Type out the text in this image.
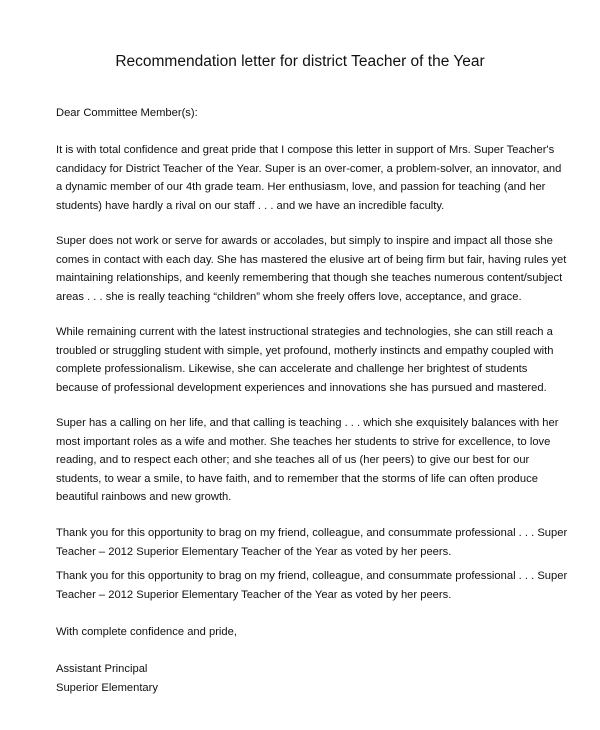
Recommendation letter for district Teacher of the Year
Dear Committee Member(s):
It is with total confidence and great pride that I compose this letter in support of Mrs. Super Teacher's
candidacy for District Teacher of the Year. Super is an over-comer, a problem-solver, an innovator, and
a dynamic member of our 4th grade team. Her enthusiasm, love, and passion for teaching (and her
students) have hardly a rival on our staff . . . and we have an incredible faculty.
Super does not work or serve for awards or accolades, but simply to inspire and impact all those she
comes in contact with each day. She has mastered the elusive art of being firm but fair, having rules yet
maintaining relationships, and keenly remembering that though she teaches numerous content/subject
areas . . . she is really teaching “children” whom she freely offers love, acceptance, and grace.
While remaining current with the latest instructional strategies and technologies, she can still reach a
troubled or struggling student with simple, yet profound, motherly instincts and empathy coupled with
complete professionalism. Likewise, she can accelerate and challenge her brightest of students
because of professional development experiences and innovations she has pursued and mastered.
Super has a calling on her life, and that calling is teaching . . . which she exquisitely balances with her
most important roles as a wife and mother. She teaches her students to strive for excellence, to love
reading, and to respect each other; and she teaches all of us (her peers) to give our best for our
students, to wear a smile, to have faith, and to remember that the storms of life can often produce
beautiful rainbows and new growth.
Thank you for this opportunity to brag on my friend, colleague, and consummate professional . . . Super
Teacher – 2012 Superior Elementary Teacher of the Year as voted by her peers.
Thank you for this opportunity to brag on my friend, colleague, and consummate professional . . . Super
Teacher – 2012 Superior Elementary Teacher of the Year as voted by her peers.
With complete confidence and pride,
Assistant Principal
Superior Elementary
